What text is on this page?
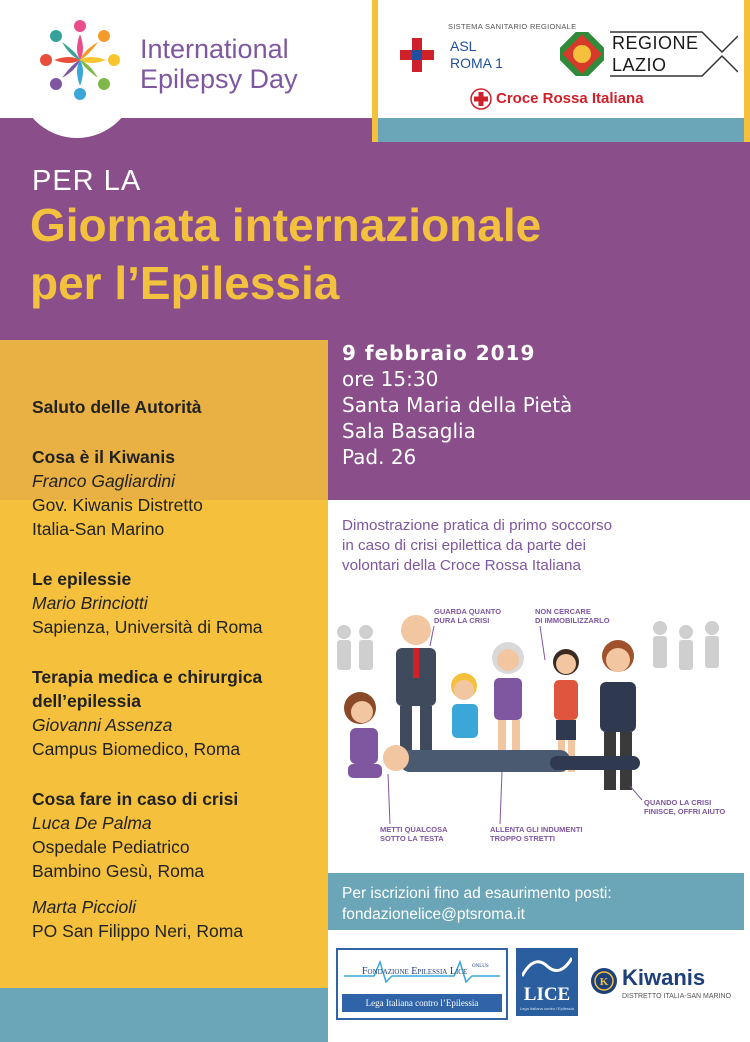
International
Epilepsy Day
SISTEMA SANITARIO REGIONALE
ASL
ROMA 1
REGIONE
LAZIO
Croce Rossa Italiana
PER LA
Giornata internazionale
per l’Epilessia
Saluto delle Autorità
Cosa è il Kiwanis
Franco Gagliardini
Gov. Kiwanis Distretto
Italia-San Marino
Le epilessie
Mario Brinciotti
Sapienza, Università di Roma
Terapia medica e chirurgica
dell’epilessia
Giovanni Assenza
Campus Biomedico, Roma
Cosa fare in caso di crisi
Luca De Palma
Ospedale Pediatrico
Bambino Gesù, Roma
Marta Piccioli
PO San Filippo Neri, Roma
9 febbraio 2019
ore 15:30
Santa Maria della Pietà
Sala Basaglia
Pad. 26
Dimostrazione pratica di primo soccorso
in caso di crisi epilettica da parte dei
volontari della Croce Rossa Italiana
GUARDA QUANTO
DURA LA CRISI
NON CERCARE
DI IMMOBILIZZARLO
QUANDO LA CRISI
FINISCE, OFFRI AIUTO
METTI QUALCOSA
SOTTO LA TESTA
ALLENTA GLI INDUMENTI
TROPPO STRETTI
Per iscrizioni fino ad esaurimento posti:
fondazionelice@ptsroma.it
Fondazione Epilessia Lice ONLUS
Lega Italiana contro l’Epilessia	LICE
Lega Italiana contro l’Epilessia
K Kiwanis
DISTRETTO ITALIA-SAN MARINO
